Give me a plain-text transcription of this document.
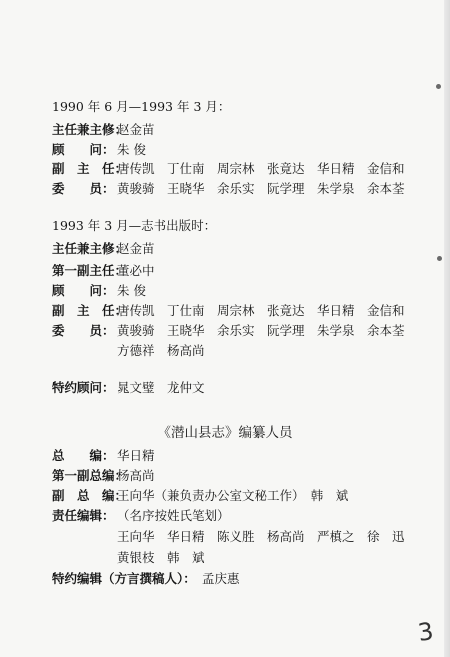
1990 年 6 月—1993 年 3 月：
主任兼主修：
赵金苗
顾　　问： 朱 俊
副　主　任：
唐传凯　丁仕南　周宗林　张竟达　华日精　金信和
委　　员： 黄骏骑　王晓华　余乐实　阮学理　朱学泉　余本荃
1993 年 3 月—志书出版时：
主任兼主修：
赵金苗
第一副主任：
董必中
顾　　问： 朱 俊
副　主　任：
唐传凯　丁仕南　周宗林　张竟达　华日精　金信和
委　　员： 黄骏骑　王晓华　余乐实　阮学理　朱学泉　余本荃
方德祥　杨高尚
特约顾问： 晁文璧　龙仲文
《潜山县志》编纂人员
总　　编： 华日精
第一副总编：
杨高尚
副　总　编：
王向华（兼负责办公室文秘工作）　韩　斌
责任编辑： （名序按姓氏笔划）
王向华　华日精　陈义胜　杨高尚　严槙之　徐　迅
黄银枝　韩　斌
特约编辑（方言撰稿人）： 孟庆惠
3
